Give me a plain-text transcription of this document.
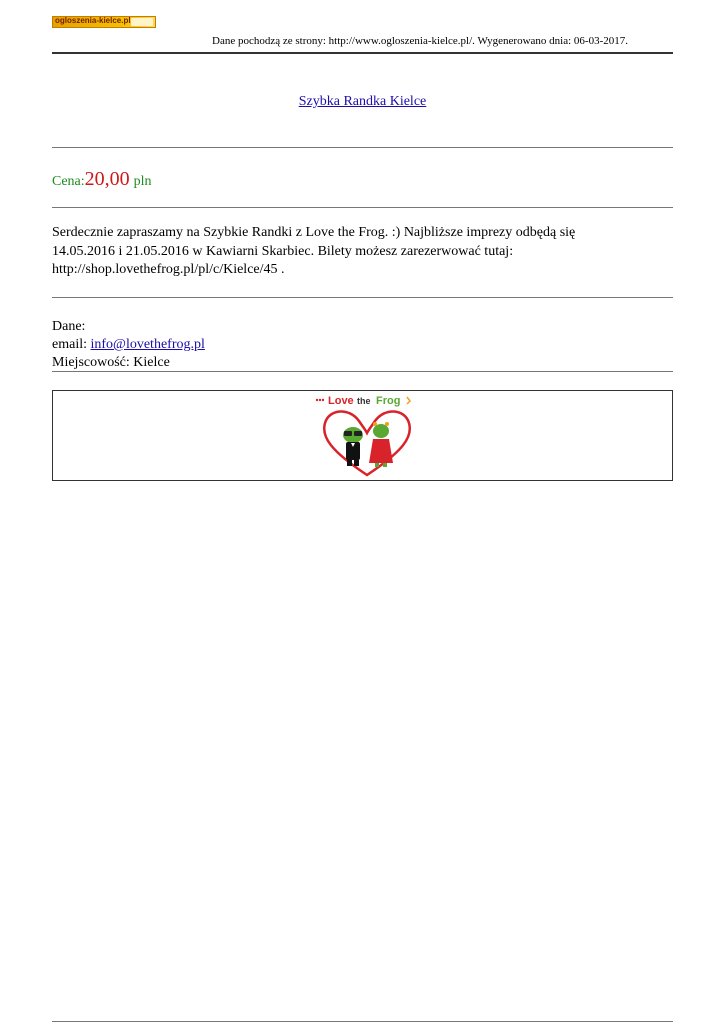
ogloszenia-kielce.pl
Dane pochodzą ze strony: http://www.ogloszenia-kielce.pl/. Wygenerowano dnia: 06-03-2017.
Szybka Randka Kielce
Cena:20,00 pln
Serdecznie zapraszamy na Szybkie Randki z Love the Frog. :) Najbliższe imprezy odbędą się
14.05.2016 i 21.05.2016 w Kawiarni Skarbiec. Bilety możesz zarezerwować tutaj:
http://shop.lovethefrog.pl/pl/c/Kielce/45 .
Dane:
email: info@lovethefrog.pl
Miejscowość: Kielce
Love the Frog
